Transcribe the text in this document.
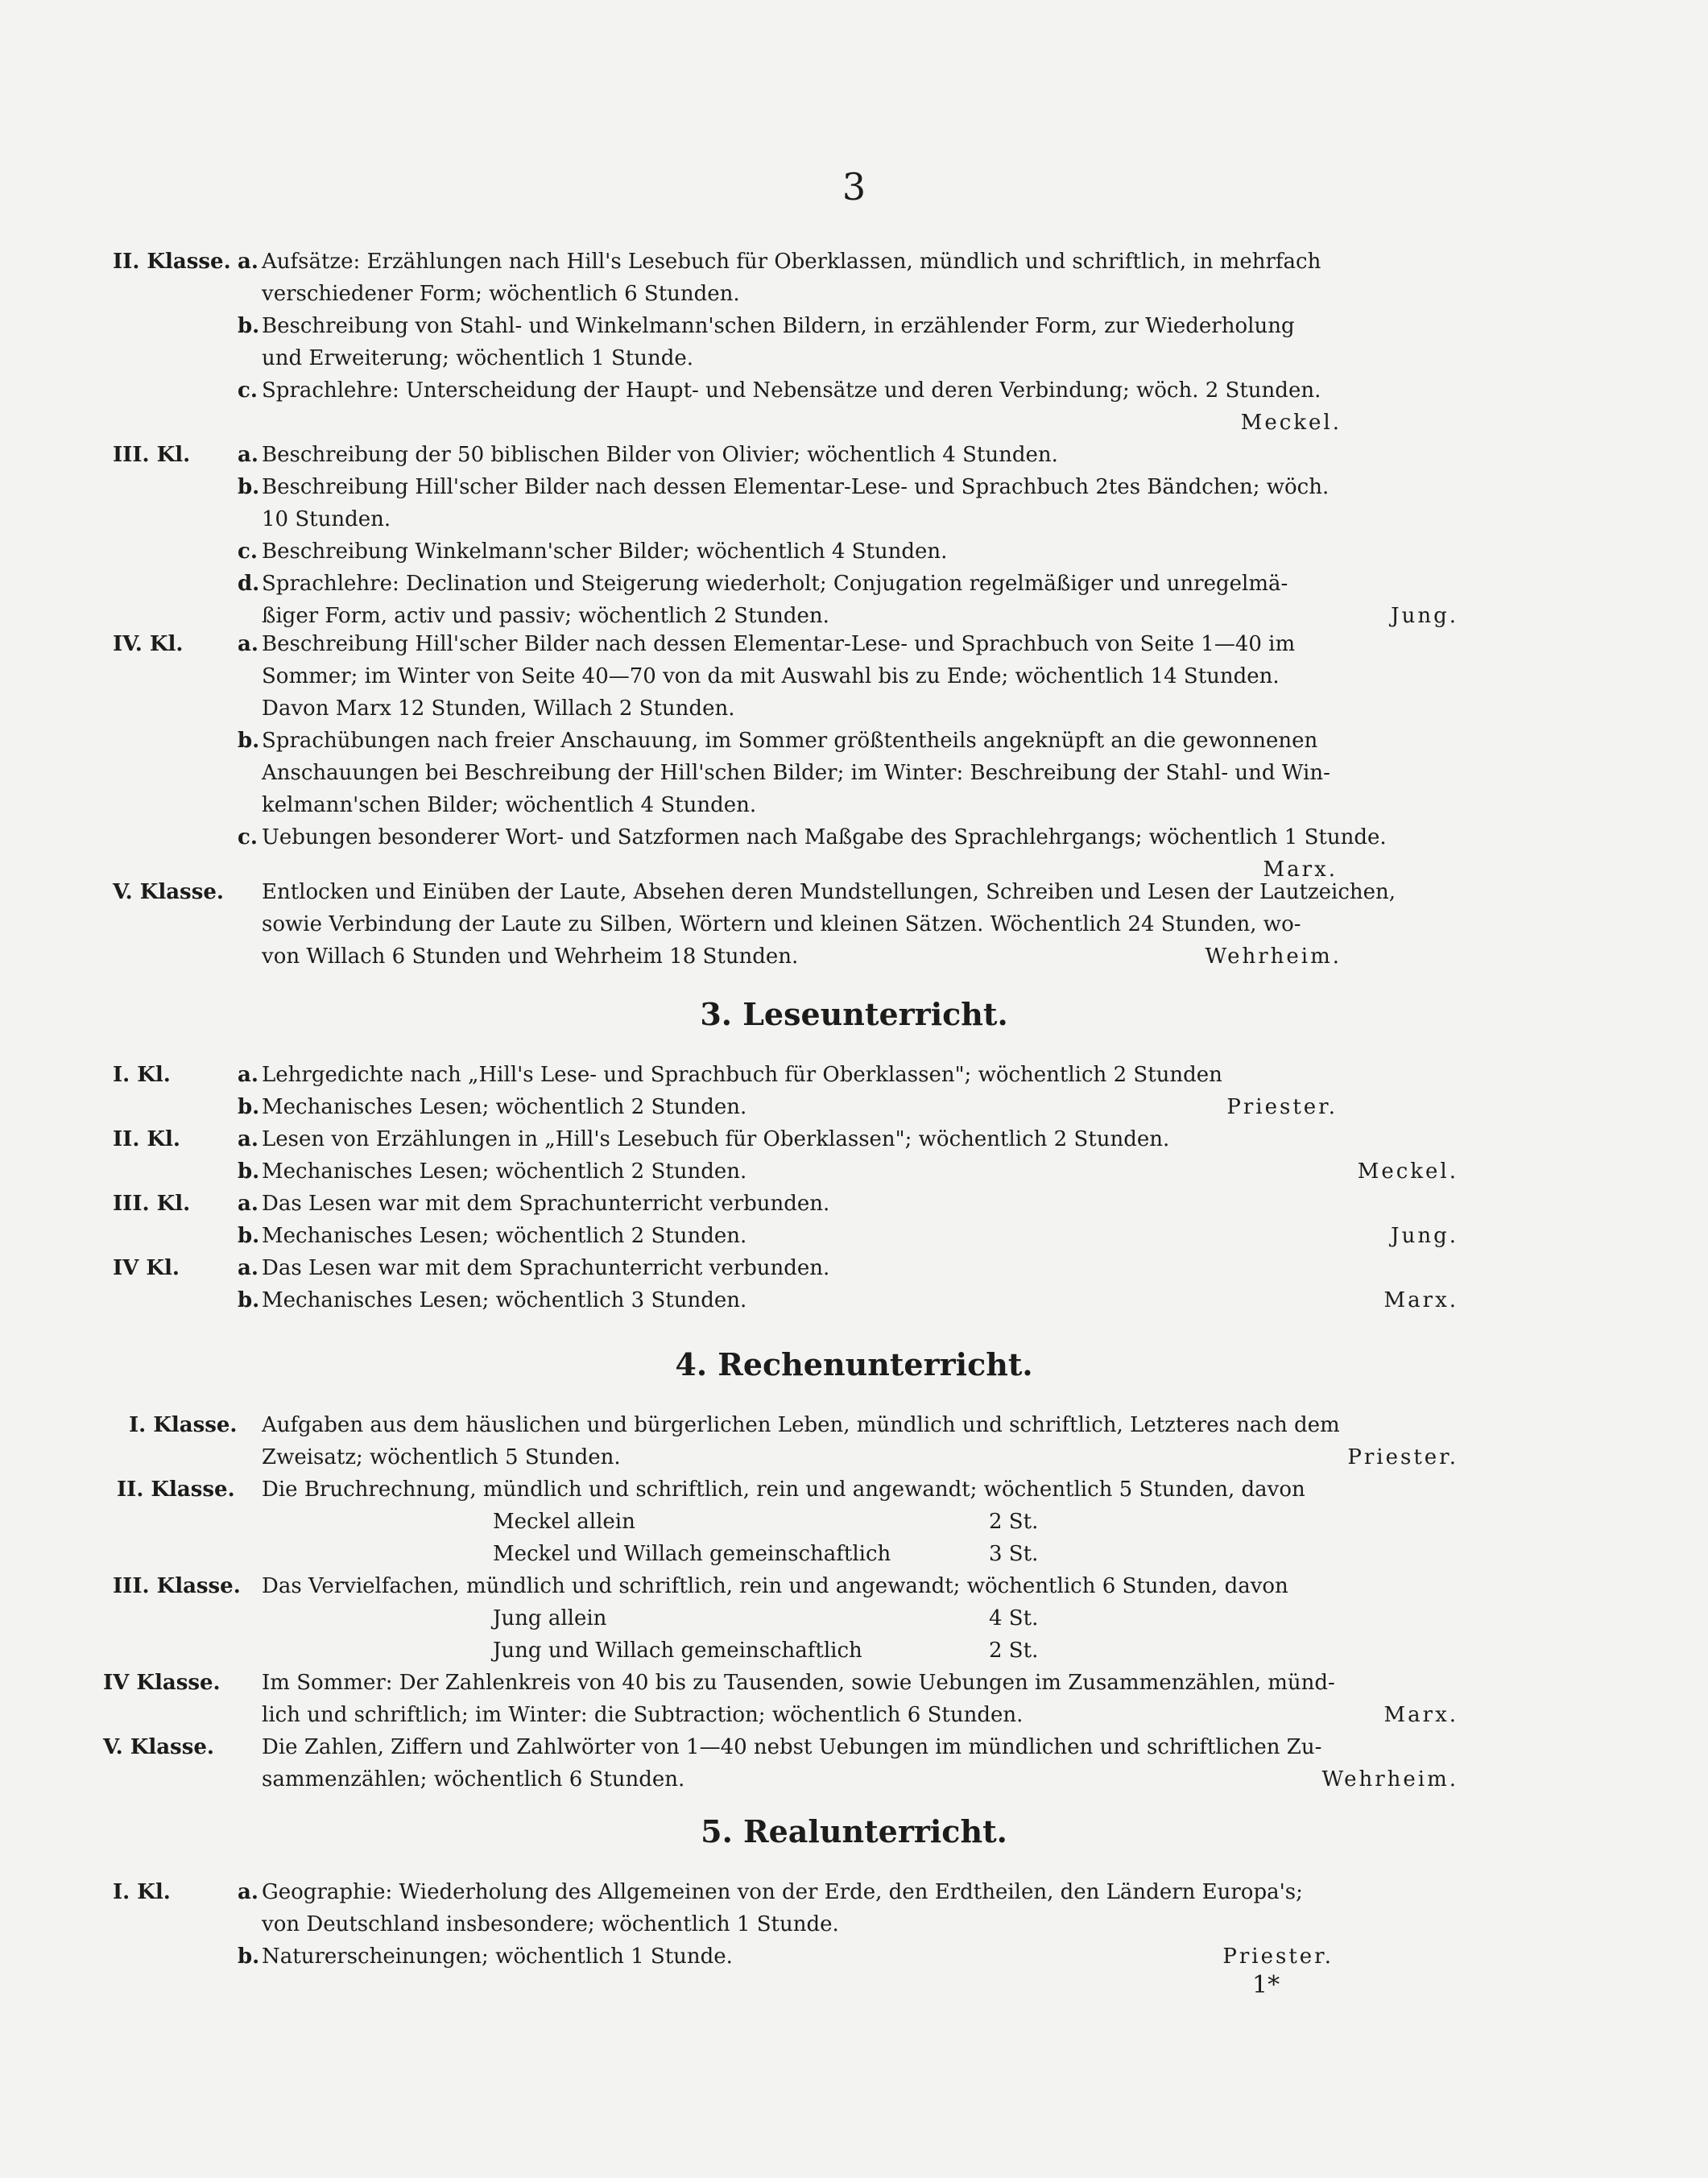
3
II. Klasse. a. Aufsätze: Erzählungen nach Hill's Lesebuch für Oberklassen, mündlich und schriftlich, in mehrfach
verschiedener Form; wöchentlich 6 Stunden.
b. Beschreibung von Stahl- und Winkelmann'schen Bildern, in erzählender Form, zur Wiederholung
und Erweiterung; wöchentlich 1 Stunde.
c. Sprachlehre: Unterscheidung der Haupt- und Nebensätze und deren Verbindung; wöch. 2 Stunden.
Meckel.
III. Kl. a. Beschreibung der 50 biblischen Bilder von Olivier; wöchentlich 4 Stunden.
b. Beschreibung Hill'scher Bilder nach dessen Elementar-Lese- und Sprachbuch 2tes Bändchen; wöch.
10 Stunden.
c. Beschreibung Winkelmann'scher Bilder; wöchentlich 4 Stunden.
d. Sprachlehre: Declination und Steigerung wiederholt; Conjugation regelmäßiger und unregelmä-
ßiger Form, activ und passiv; wöchentlich 2 Stunden.	Jung.
IV. Kl.	a. Beschreibung Hill'scher Bilder nach dessen Elementar-Lese- und Sprachbuch von Seite 1—40 im
Sommer; im Winter von Seite 40—70 von da mit Auswahl bis zu Ende; wöchentlich 14 Stunden.
Davon Marx 12 Stunden, Willach 2 Stunden.
b. Sprachübungen nach freier Anschauung, im Sommer größtentheils angeknüpft an die gewonnenen
Anschauungen bei Beschreibung der Hill'schen Bilder; im Winter: Beschreibung der Stahl- und Win-
kelmann'schen Bilder; wöchentlich 4 Stunden.
c. Uebungen besonderer Wort- und Satzformen nach Maßgabe des Sprachlehrgangs; wöchentlich 1 Stunde.
Marx.
V. Klasse. Entlocken und Einüben der Laute, Absehen deren Mundstellungen, Schreiben und Lesen der Lautzeichen,
sowie Verbindung der Laute zu Silben, Wörtern und kleinen Sätzen. Wöchentlich 24 Stunden, wo-
von Willach 6 Stunden und Wehrheim 18 Stunden.	Wehrheim.
3. Leseunterricht.
I. Kl.	a. Lehrgedichte nach „Hill's Lese- und Sprachbuch für Oberklassen"; wöchentlich 2 Stunden
b. Mechanisches Lesen; wöchentlich 2 Stunden.	Priester.
II. Kl.	a. Lesen von Erzählungen in „Hill's Lesebuch für Oberklassen"; wöchentlich 2 Stunden.
b. Mechanisches Lesen; wöchentlich 2 Stunden.	Meckel.
III. Kl. a. Das Lesen war mit dem Sprachunterricht verbunden.
b. Mechanisches Lesen; wöchentlich 2 Stunden.	Jung.
IV Kl.	a. Das Lesen war mit dem Sprachunterricht verbunden.
b. Mechanisches Lesen; wöchentlich 3 Stunden.	Marx.
4. Rechenunterricht.
I. Klasse. Aufgaben aus dem häuslichen und bürgerlichen Leben, mündlich und schriftlich, Letzteres nach dem
Zweisatz; wöchentlich 5 Stunden.	Priester.
II. Klasse. Die Bruchrechnung, mündlich und schriftlich, rein und angewandt; wöchentlich 5 Stunden, davon
Meckel allein	2 St.
Meckel und Willach gemeinschaftlich	3 St.
III. Klasse. Das Vervielfachen, mündlich und schriftlich, rein und angewandt; wöchentlich 6 Stunden, davon
Jung allein	4 St.
Jung und Willach gemeinschaftlich	2 St.
IV Klasse. Im Sommer: Der Zahlenkreis von 40 bis zu Tausenden, sowie Uebungen im Zusammenzählen, münd-
lich und schriftlich; im Winter: die Subtraction; wöchentlich 6 Stunden.	Marx.
V. Klasse. Die Zahlen, Ziffern und Zahlwörter von 1—40 nebst Uebungen im mündlichen und schriftlichen Zu-
sammenzählen; wöchentlich 6 Stunden.	Wehrheim.
5. Realunterricht.
I. Kl.	a. Geographie: Wiederholung des Allgemeinen von der Erde, den Erdtheilen, den Ländern Europa's;
von Deutschland insbesondere; wöchentlich 1 Stunde.
b. Naturerscheinungen; wöchentlich 1 Stunde.	Priester.
1*
